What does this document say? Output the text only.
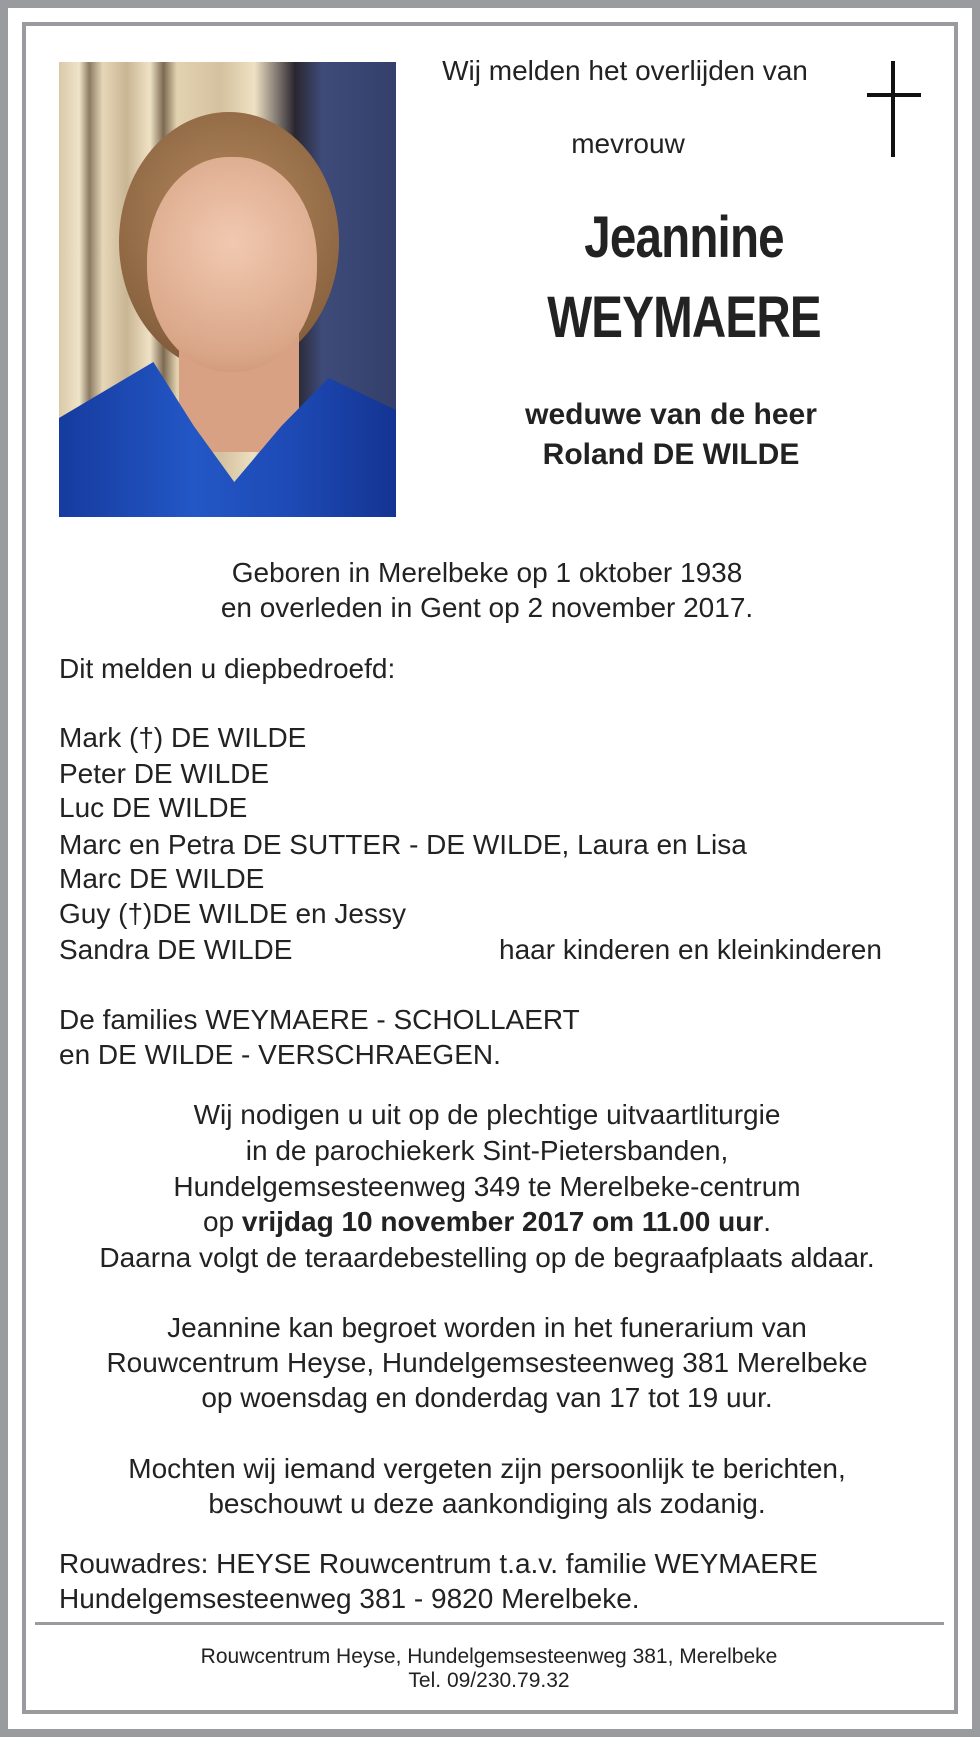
Wij melden het overlijden van
mevrouw
Jeannine
WEYMAERE
weduwe van de heer
Roland DE WILDE
Geboren in Merelbeke op 1 oktober 1938
en overleden in Gent op 2 november 2017.
Dit melden u diepbedroefd:
Mark (†) DE WILDE
Peter DE WILDE
Luc DE WILDE
Marc en Petra DE SUTTER - DE WILDE, Laura en Lisa
Marc DE WILDE
Guy (†)DE WILDE en Jessy
Sandra DE WILDE	haar kinderen en kleinkinderen
De families WEYMAERE - SCHOLLAERT
en DE WILDE - VERSCHRAEGEN.
Wij nodigen u uit op de plechtige uitvaartliturgie
in de parochiekerk Sint-Pietersbanden,
Hundelgemsesteenweg 349 te Merelbeke-centrum
op vrijdag 10 november 2017 om 11.00 uur.
Daarna volgt de teraardebestelling op de begraafplaats aldaar.
Jeannine kan begroet worden in het funerarium van
Rouwcentrum Heyse, Hundelgemsesteenweg 381 Merelbeke
op woensdag en donderdag van 17 tot 19 uur.
Mochten wij iemand vergeten zijn persoonlijk te berichten,
beschouwt u deze aankondiging als zodanig.
Rouwadres: HEYSE Rouwcentrum t.a.v. familie WEYMAERE
Hundelgemsesteenweg 381 - 9820 Merelbeke.
Rouwcentrum Heyse, Hundelgemsesteenweg 381, Merelbeke
Tel. 09/230.79.32
